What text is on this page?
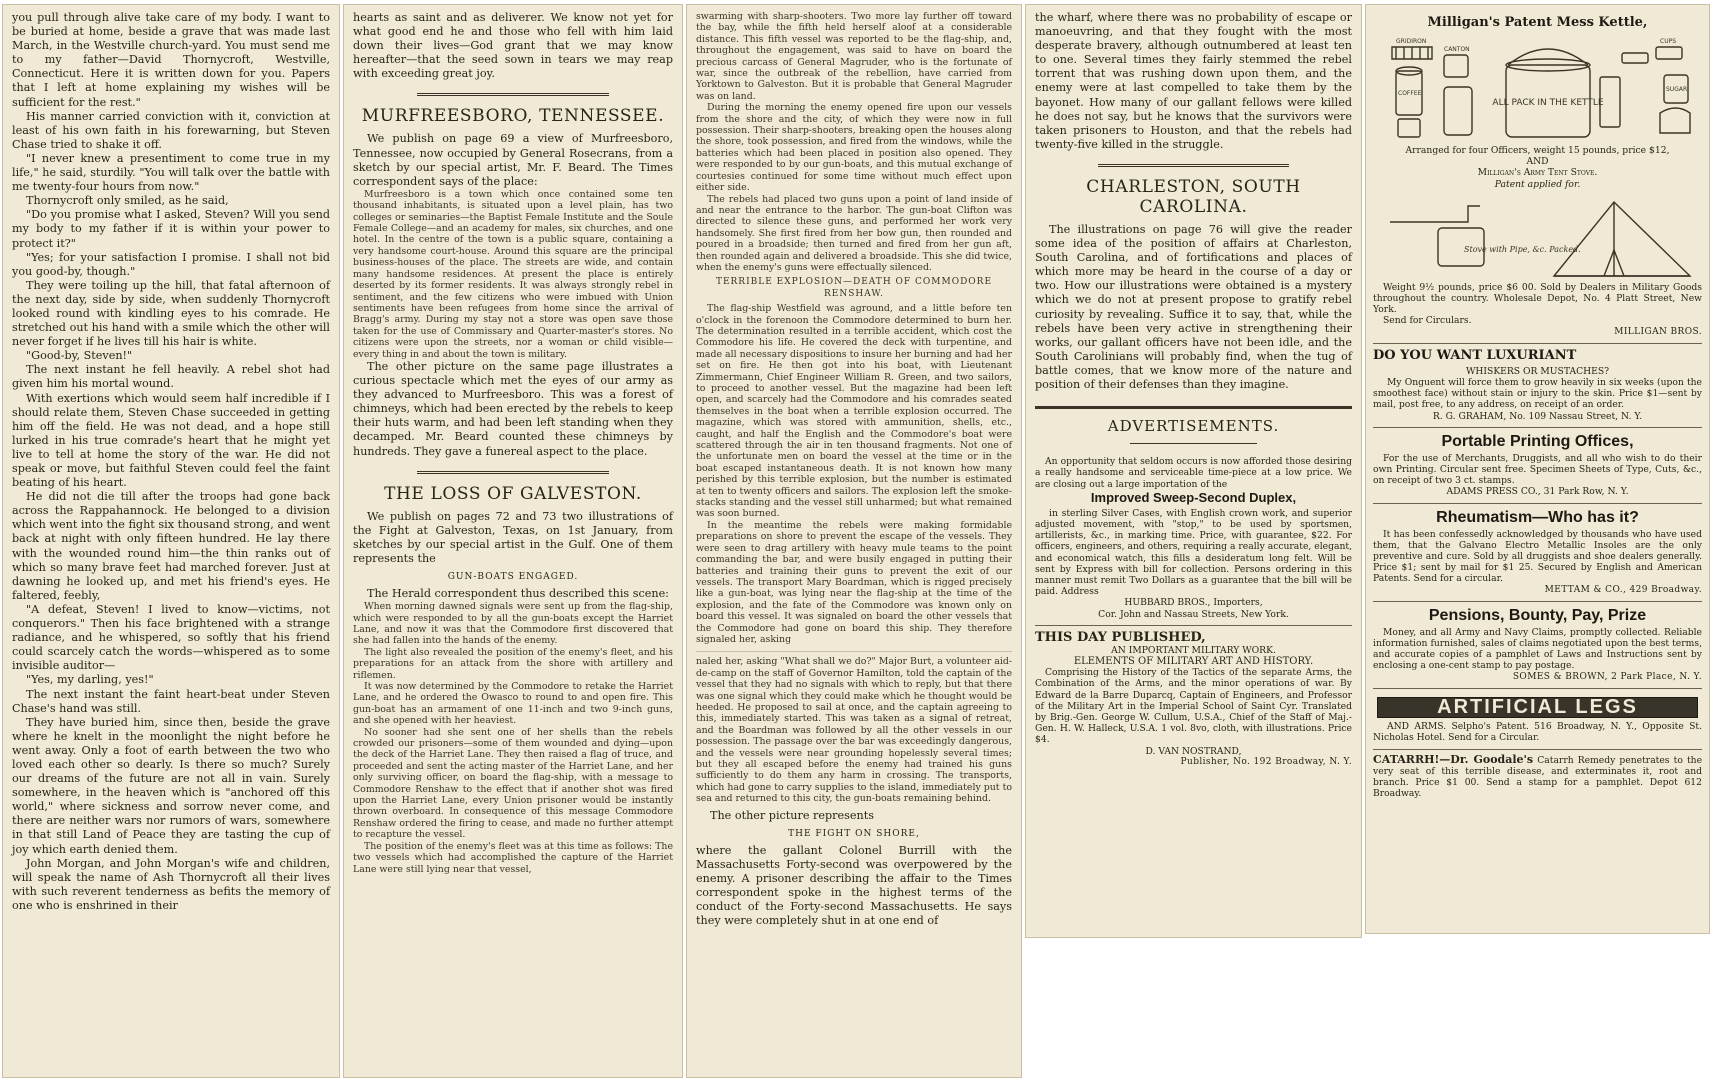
you pull through alive take care of my body. I want to be buried at home, beside a grave that was made last March, in the Westville church-yard. You must send me to my father—David Thornycroft, Westville, Connecticut. Here it is written down for you. Papers that I left at home explaining my wishes will be sufficient for the rest."

His manner carried conviction with it, conviction at least of his own faith in his forewarning, but Steven Chase tried to shake it off.

"I never knew a presentiment to come true in my life," he said, sturdily. "You will talk over the battle with me twenty-four hours from now."

Thornycroft only smiled, as he said,

"Do you promise what I asked, Steven? Will you send my body to my father if it is within your power to protect it?"

"Yes; for your satisfaction I promise. I shall not bid you good-by, though."

They were toiling up the hill, that fatal afternoon of the next day, side by side, when suddenly Thornycroft looked round with kindling eyes to his comrade. He stretched out his hand with a smile which the other will never forget if he lives till his hair is white.

"Good-by, Steven!"

The next instant he fell heavily. A rebel shot had given him his mortal wound.

With exertions which would seem half incredible if I should relate them, Steven Chase succeeded in getting him off the field. He was not dead, and a hope still lurked in his true comrade's heart that he might yet live to tell at home the story of the war. He did not speak or move, but faithful Steven could feel the faint beating of his heart.

He did not die till after the troops had gone back across the Rappahannock. He belonged to a division which went into the fight six thousand strong, and went back at night with only fifteen hundred. He lay there with the wounded round him—the thin ranks out of which so many brave feet had marched forever. Just at dawning he looked up, and met his friend's eyes. He faltered, feebly,

"A defeat, Steven! I lived to know—victims, not conquerors." Then his face brightened with a strange radiance, and he whispered, so softly that his friend could scarcely catch the words—whispered as to some invisible auditor—

"Yes, my darling, yes!"

The next instant the faint heart-beat under Steven Chase's hand was still.

They have buried him, since then, beside the grave where he knelt in the moonlight the night before he went away. Only a foot of earth between the two who loved each other so dearly. Is there so much? Surely our dreams of the future are not all in vain. Surely somewhere, in the heaven which is "anchored off this world," where sickness and sorrow never come, and there are neither wars nor rumors of wars, somewhere in that still Land of Peace they are tasting the cup of joy which earth denied them.

John Morgan, and John Morgan's wife and children, will speak the name of Ash Thornycroft all their lives with such reverent tenderness as befits the memory of one who is enshrined in their

hearts as saint and as deliverer. We know not yet for what good end he and those who fell with him laid down their lives—God grant that we may know hereafter—that the seed sown in tears we may reap with exceeding great joy.

MURFREESBORO, TENNESSEE.

We publish on page 69 a view of Murfreesboro, Tennessee, now occupied by General Rosecrans, from a sketch by our special artist, Mr. F. Beard. The Times correspondent says of the place:

Murfreesboro is a town which once contained some ten thousand inhabitants, is situated upon a level plain, has two colleges or seminaries—the Baptist Female Institute and the Soule Female College—and an academy for males, six churches, and one hotel. In the centre of the town is a public square, containing a very handsome court-house. Around this square are the principal business-houses of the place. The streets are wide, and contain many handsome residences. At present the place is entirely deserted by its former residents. It was always strongly rebel in sentiment, and the few citizens who were imbued with Union sentiments have been refugees from home since the arrival of Bragg's army. During my stay not a store was open save those taken for the use of Commissary and Quarter-master's stores. No citizens were upon the streets, nor a woman or child visible—every thing in and about the town is military.

The other picture on the same page illustrates a curious spectacle which met the eyes of our army as they advanced to Murfreesboro. This was a forest of chimneys, which had been erected by the rebels to keep their huts warm, and had been left standing when they decamped. Mr. Beard counted these chimneys by hundreds. They gave a funereal aspect to the place.

THE LOSS OF GALVESTON.

We publish on pages 72 and 73 two illustrations of the Fight at Galveston, Texas, on 1st January, from sketches by our special artist in the Gulf. One of them represents the

GUN-BOATS ENGAGED.

The Herald correspondent thus described this scene:

When morning dawned signals were sent up from the flag-ship, which were responded to by all the gun-boats except the Harriet Lane, and now it was that the Commodore first discovered that she had fallen into the hands of the enemy.

The light also revealed the position of the enemy's fleet, and his preparations for an attack from the shore with artillery and riflemen.

It was now determined by the Commodore to retake the Harriet Lane, and he ordered the Owasco to round to and open fire. This gun-boat has an armament of one 11-inch and two 9-inch guns, and she opened with her heaviest.

No sooner had she sent one of her shells than the rebels crowded our prisoners—some of them wounded and dying—upon the deck of the Harriet Lane. They then raised a flag of truce, and proceeded and sent the acting master of the Harriet Lane, and her only surviving officer, on board the flag-ship, with a message to Commodore Renshaw to the effect that if another shot was fired upon the Harriet Lane, every Union prisoner would be instantly thrown overboard. In consequence of this message Commodore Renshaw ordered the firing to cease, and made no further attempt to recapture the vessel.

The position of the enemy's fleet was at this time as follows: The two vessels which had accomplished the capture of the Harriet Lane were still lying near that vessel,

swarming with sharp-shooters. Two more lay further off toward the bay, while the fifth held herself aloof at a considerable distance. This fifth vessel was reported to be the flag-ship, and, throughout the engagement, was said to have on board the precious carcass of General Magruder, who is the fortunate of war, since the outbreak of the rebellion, have carried from Yorktown to Galveston. But it is probable that General Magruder was on land.

During the morning the enemy opened fire upon our vessels from the shore and the city, of which they were now in full possession. Their sharp-shooters, breaking open the houses along the shore, took possession, and fired from the windows, while the batteries which had been placed in position also opened. They were responded to by our gun-boats, and this mutual exchange of courtesies continued for some time without much effect upon either side.

The rebels had placed two guns upon a point of land inside of and near the entrance to the harbor. The gun-boat Clifton was directed to silence these guns, and performed her work very handsomely. She first fired from her bow gun, then rounded and poured in a broadside; then turned and fired from her gun aft, then rounded again and delivered a broadside. This she did twice, when the enemy's guns were effectually silenced.

TERRIBLE EXPLOSION—DEATH OF COMMODORE RENSHAW.

The flag-ship Westfield was aground, and a little before ten o'clock in the forenoon the Commodore determined to burn her. The determination resulted in a terrible accident, which cost the Commodore his life. He covered the deck with turpentine, and made all necessary dispositions to insure her burning and had her set on fire. He then got into his boat, with Lieutenant Zimmermann, Chief Engineer William R. Green, and two sailors, to proceed to another vessel. But the magazine had been left open, and scarcely had the Commodore and his comrades seated themselves in the boat when a terrible explosion occurred. The magazine, which was stored with ammunition, shells, etc., caught, and half the English and the Commodore's boat were scattered through the air in ten thousand fragments. Not one of the unfortunate men on board the vessel at the time or in the boat escaped instantaneous death. It is not known how many perished by this terrible explosion, but the number is estimated at ten to twenty officers and sailors. The explosion left the smoke-stacks standing and the vessel still unharmed; but what remained was soon burned.

In the meantime the rebels were making formidable preparations on shore to prevent the escape of the vessels. They were seen to drag artillery with heavy mule teams to the point commanding the bar, and were busily engaged in putting their batteries and training their guns to prevent the exit of our vessels. The transport Mary Boardman, which is rigged precisely like a gun-boat, was lying near the flag-ship at the time of the explosion, and the fate of the Commodore was known only on board this vessel. It was signaled on board the other vessels that the Commodore had gone on board this ship. They therefore signaled her, asking

naled her, asking "What shall we do?" Major Burt, a volunteer aid-de-camp on the staff of Governor Hamilton, told the captain of the vessel that they had no signals with which to reply, but that there was one signal which they could make which he thought would be heeded. He proposed to sail at once, and the captain agreeing to this, immediately started. This was taken as a signal of retreat, and the Boardman was followed by all the other vessels in our possession. The passage over the bar was exceedingly dangerous, and the vessels were near grounding hopelessly several times; but they all escaped before the enemy had trained his guns sufficiently to do them any harm in crossing. The transports, which had gone to carry supplies to the island, immediately put to sea and returned to this city, the gun-boats remaining behind.

The other picture represents

THE FIGHT ON SHORE,

where the gallant Colonel Burrill with the Massachusetts Forty-second was overpowered by the enemy. A prisoner describing the affair to the Times correspondent spoke in the highest terms of the conduct of the Forty-second Massachusetts. He says they were completely shut in at one end of

the wharf, where there was no probability of escape or manoeuvring, and that they fought with the most desperate bravery, although outnumbered at least ten to one. Several times they fairly stemmed the rebel torrent that was rushing down upon them, and the enemy were at last compelled to take them by the bayonet. How many of our gallant fellows were killed he does not say, but he knows that the survivors were taken prisoners to Houston, and that the rebels had twenty-five killed in the struggle.

CHARLESTON, SOUTH CAROLINA.

The illustrations on page 76 will give the reader some idea of the position of affairs at Charleston, South Carolina, and of fortifications and places of which more may be heard in the course of a day or two. How our illustrations were obtained is a mystery which we do not at present propose to gratify rebel curiosity by revealing. Suffice it to say, that, while the rebels have been very active in strengthening their works, our gallant officers have not been idle, and the South Carolinians will probably find, when the tug of battle comes, that we know more of the nature and position of their defenses than they imagine.

ADVERTISEMENTS.

An opportunity that seldom occurs is now afforded those desiring a really handsome and serviceable time-piece at a low price. We are closing out a large importation of the

Improved Sweep-Second Duplex,

in sterling Silver Cases, with English crown work, and superior adjusted movement, with "stop," to be used by sportsmen, artillerists, &c., in marking time. Price, with guarantee, $22. For officers, engineers, and others, requiring a really accurate, elegant, and economical watch, this fills a desideratum long felt. Will be sent by Express with bill for collection. Persons ordering in this manner must remit Two Dollars as a guarantee that the bill will be paid. Address

HUBBARD BROS., Importers,
Cor. John and Nassau Streets, New York.
THIS DAY PUBLISHED,
AN IMPORTANT MILITARY WORK.
ELEMENTS OF MILITARY ART AND HISTORY.

Comprising the History of the Tactics of the separate Arms, the Combination of the Arms, and the minor operations of war. By Edward de la Barre Duparcq, Captain of Engineers, and Professor of the Military Art in the Imperial School of Saint Cyr. Translated by Brig.-Gen. George W. Cullum, U.S.A., Chief of the Staff of Maj.-Gen. H. W. Halleck, U.S.A. 1 vol. 8vo, cloth, with illustrations. Price $4.

D. VAN NOSTRAND,
Publisher, No. 192 Broadway, N. Y.
Milligan's Patent Mess Kettle,
GRIDIRON
CANTON
CUPS
COFFEE
ALL PACK IN THE KETTLE
SUGAR
Arranged for four Officers, weight 15 pounds, price $12,
AND
Milligan's Army Tent Stove.
Patent applied for.
Stove with Pipe, &c. Packed.

Weight 9½ pounds, price $6 00. Sold by Dealers in Military Goods throughout the country. Wholesale Depot, No. 4 Platt Street, New York.

Send for Circulars.
MILLIGAN BROS.
DO YOU WANT LUXURIANT
WHISKERS OR MUSTACHES?

My Onguent will force them to grow heavily in six weeks (upon the smoothest face) without stain or injury to the skin. Price $1—sent by mail, post free, to any address, on receipt of an order.

R. G. GRAHAM, No. 109 Nassau Street, N. Y.
Portable Printing Offices,

For the use of Merchants, Druggists, and all who wish to do their own Printing. Circular sent free. Specimen Sheets of Type, Cuts, &c., on receipt of two 3 ct. stamps.

ADAMS PRESS CO., 31 Park Row, N. Y.
Rheumatism—Who has it?

It has been confessedly acknowledged by thousands who have used them, that the Galvano Electro Metallic Insoles are the only preventive and cure. Sold by all druggists and shoe dealers generally. Price $1; sent by mail for $1 25. Secured by English and American Patents. Send for a circular.

METTAM & CO., 429 Broadway.
Pensions, Bounty, Pay, Prize

Money, and all Army and Navy Claims, promptly collected. Reliable information furnished, sales of claims negotiated upon the best terms, and accurate copies of a pamphlet of Laws and Instructions sent by enclosing a one-cent stamp to pay postage.

SOMES & BROWN, 2 Park Place, N. Y.
ARTIFICIAL LEGS

AND ARMS. Selpho's Patent. 516 Broadway, N. Y., Opposite St. Nicholas Hotel. Send for a Circular.

CATARRH!—Dr. Goodale's Catarrh Remedy penetrates to the very seat of this terrible disease, and exterminates it, root and branch. Price $1 00. Send a stamp for a pamphlet. Depot 612 Broadway.
